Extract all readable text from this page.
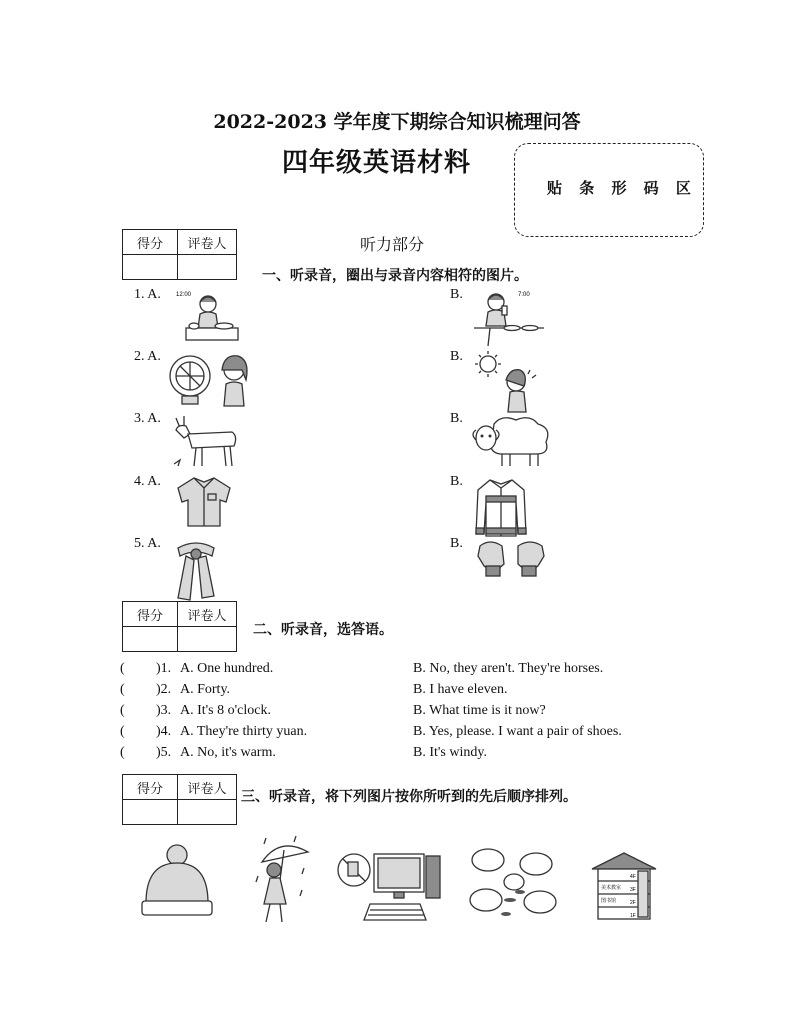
2022-2023 学年度下期综合知识梳理问答
四年级英语材料
贴 条 形 码 区
得分	评卷人
		听力部分
一、听录音，圈出与录音内容相符的图片。
1. A.	B.
2. A.	B.
3. A.	B.
4. A.	B.
5. A.	B.
12:00	7:00
得分	评卷人

二、听录音，选答语。
( )1. A. One hundred.	B. No, they aren't. They're horses.
( )2. A. Forty.	B. I have eleven.
( )3. A. It's 8 o'clock.	B. What time is it now?
( )4. A. They're thirty yuan.	B. Yes, please. I want a pair of shoes.
( )5. A. No, it's warm.	B. It's windy.
得分	评卷人
	三、听录音，将下列图片按你所听到的先后顺序排列。
4F
3F
2F
1F
美术教室
图书馆
